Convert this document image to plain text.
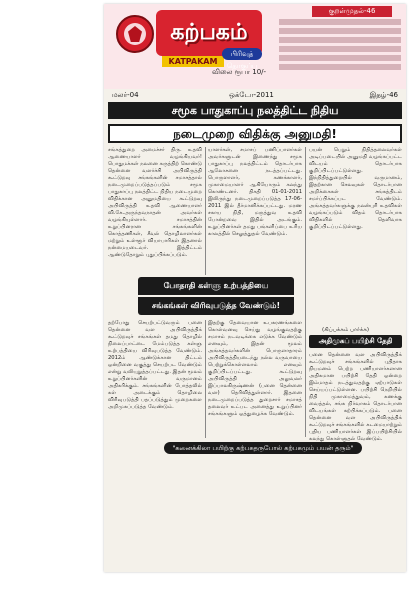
கற்பகம்
KATPAKAM
பிரிவுத் தொகுப்பு
விலை ரூபா 10/-
குறள்முதல்-46
மலர்-04	ஒக்டோ-2011	இதழ்-46
சமூக பாதுகாப்பு நலத்திட்ட நிதிய
நடைமுறை விதிக்கு அனுமதி!
சங்கத்துறை அமைச்சர் திரு. உதவி ஆணையாளர் வழங்கியவர்! பொதுமக்கள் நலனை கருத்திற் கொண்டு தென்னை வளர்ச்சி அபிவிருத்தி கூட்டுறவு சங்கங்களின் சமாசத்தால் நடைமுறைப்படுத்தப்படும் சமூக பாதுகாப்பு நலத்திட்ட நிதிய நடைமுறை விதிக்கான அனுமதியை கூட்டுறவு அபிவிருத்தி உதவி ஆணையாளர் வி.கே.அருந்தவநாதன் அவர்கள் வழங்கியுள்ளார். சமாசத்தின் உறுப்பினரான சங்கங்களின் கொத்தணிகள், சீவல் தொழிலாளர்கள் மற்றும் உள்ளூர் வியாபாரிகள் இதனால் நன்மையடைவர். இத்திட்டம் ஆண்டுதோறும் புதுப்பிக்கப்படும்.
யாளர்கள், சமாசப் பணிப்பாளர்கள் அவர்களுடன் இணைந்து சமூக பாதுகாப்பு நலத்திட்டம் தொடர்பாக ஆலோசனை நடத்தப்பட்டது. பொருளாளர், கணக்காளர், முகாமையாளர் ஆகியோரும் கலந்து கொண்டனர். திகதி 01-01-2011 இலிருந்து நடைமுறைப்படுத்த 17-06-2011 இல் தீர்மானிக்கப்பட்டது. மரண சகாய நிதி, மருத்துவ உதவி போன்றவை இதில் அடங்கும். உறுப்பினர்கள் தமது பங்களிப்பை உரிய காலத்தில் செலுத்துதல் வேண்டும்.
பயன் பெறும் நிதித்தலைவர்கள் அடிப்படையில் அனுமதி வழங்கப்பட்ட விடயம் தொடர்பாக குறிப்பிடப்பட்டுள்ளது. இந்நிதித்துறையில் வருமானம், இதற்கான செலவுகள் தொடர்பான அறிக்கைகள் சங்கத்திடம் சமர்ப்பிக்கப்பட வேண்டும். அங்கத்தவர்களுக்கு நலன்புரி உதவிகள் வழங்கப்படும் விதம் தொடர்பாக விதிகளில் தெளிவாக குறிப்பிடப்பட்டுள்ளது.
போதாதி கள்ளு உற்பத்தியை
சங்கங்கள் விரிவுபடுத்த வேண்டும்!
தற்போது செயற்பட்டுவரும் பனை தென்னை வள அபிவிருத்திக் கூட்டுறவுச் சங்கங்கள் தமது தொழில் நிலைப்பாட்டை மேம்படுத்த கள்ளு உற்பத்தியை விரிவுபடுத்த வேண்டும். 2012ம் ஆண்டுக்கான திட்டம் ஒன்றினை வகுத்து செயற்பட வேண்டும் என்று வலியுறுத்தப்பட்டது. இதன் மூலம் உறுப்பினர்களின் வருமானம் அதிகரிக்கும். சங்கங்களின் போத்தலில் கள் அடைக்கும் தொழிலை விரிவுபடுத்தி பதப்படுத்தும் முறைகளை அறிமுகப்படுத்த வேண்டும்.
இதற்கு தேவையான உபகரணங்களை கொள்வனவு செய்து வழங்குவதற்கு சமாசம் நடவடிக்கை எடுக்க வேண்டும் எனவும், இதன் மூலம் அங்கத்தவர்களின் பொருளாதாரம் அபிவிருத்தியடைந்து நல்ல வருவாயை பெற்றுக்கொள்ளலாம் எனவும் குறிப்பிடப்பட்டது. கூட்டுறவு அபிவிருத்தி அலுவலர் இப்பாலகிருஷ்ணன் (பனை தென்னை வள) தெரிவித்துள்ளார். இதனை நடைமுறைப்படுத்த துறைசார் சமாசத் தலைவர் உட்பட அனைத்து உறுப்பினர் சங்கங்களும் ஒத்துழைக்க வேண்டும்.
(கிப்பக்கம் பார்க்க)
அதிமுகப் பயிற்சி தேதி
பனை தென்னை வள அபிவிருத்திக் கூட்டுறவுச் சங்கங்களில் புதிதாக நியமனம் பெற்ற பணியாளர்களான அதிகமான பயிற்சி தேதி ஒன்றை இம்மாதம் நடத்துவதற்கு ஏற்பாடுகள் செய்யப்பட்டுள்ளன. பயிற்சி நெறியில் நிதி முகாமைத்துவம், கணக்கு வைத்தல், சங்க நிர்வாகம் தொடர்பான விடயங்கள் கற்பிக்கப்படும். பனை தென்னை வள அபிவிருத்திக் கூட்டுறவுச் சங்கங்களில் கடமையாற்றும் புதிய பணியாளர்கள் இப்பயிற்சியில் கலந்து கொள்ளுதல் வேண்டும்.
"கனைக்கிலா பயிற்கு கற்பகதருபோல் கற்பகமும் பயன் தரும்"
